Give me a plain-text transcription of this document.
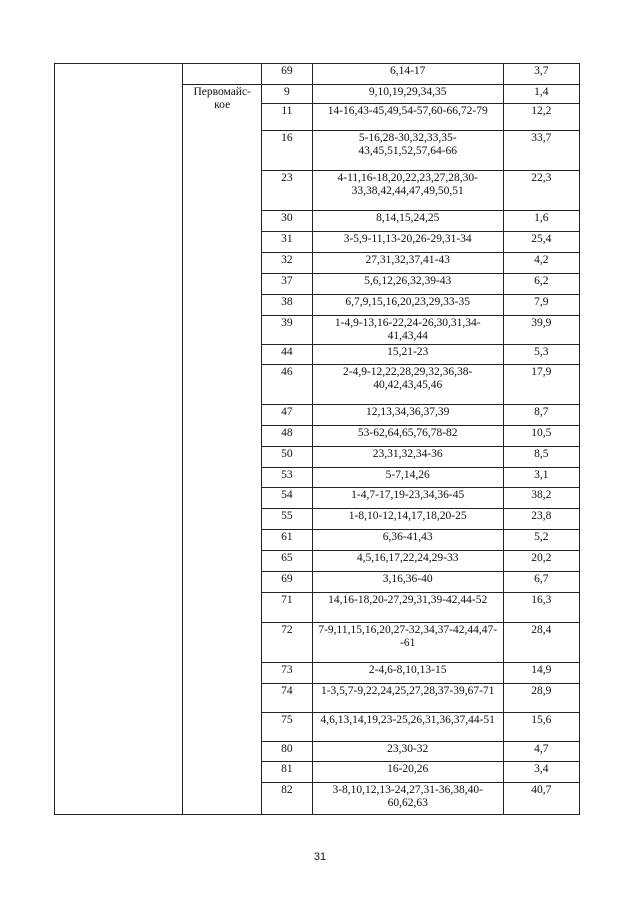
		69	6,14-17	3,7
	Первомайс-кое	9	9,10,19,29,34,35	1,4
		11	14-16,43-45,49,54-57,60-66,72-79	12,2
		16	5-16,28-30,32,33,35-43,45,51,52,57,64-66	33,7
		23	4-11,16-18,20,22,23,27,28,30-33,38,42,44,47,49,50,51	22,3
		30	8,14,15,24,25	1,6
		31	3-5,9-11,13-20,26-29,31-34	25,4
		32	27,31,32,37,41-43	4,2
		37	5,6,12,26,32,39-43	6,2
		38	6,7,9,15,16,20,23,29,33-35	7,9
		39	1-4,9-13,16-22,24-26,30,31,34-41,43,44	39,9
		44	15,21-23	5,3
		46	2-4,9-12,22,28,29,32,36,38-40,42,43,45,46	17,9
		47	12,13,34,36,37,39	8,7
		48	53-62,64,65,76,78-82	10,5
		50	23,31,32,34-36	8,5
		53	5-7,14,26	3,1
		54	1-4,7-17,19-23,34,36-45	38,2
		55	1-8,10-12,14,17,18,20-25	23,8
		61	6,36-41,43	5,2
		65	4,5,16,17,22,24,29-33	20,2
		69	3,16,36-40	6,7
		71	14,16-18,20-27,29,31,39-42,44-52	16,3
		72	7-9,11,15,16,20,27-32,34,37-42,44,47--61	28,4
		73	2-4,6-8,10,13-15	14,9
		74	1-3,5,7-9,22,24,25,27,28,37-39,67-71	28,9
		75	4,6,13,14,19,23-25,26,31,36,37,44-51	15,6
		80	23,30-32	4,7
		81	16-20,26	3,4
		82	3-8,10,12,13-24,27,31-36,38,40-60,62,63	40,7
31
